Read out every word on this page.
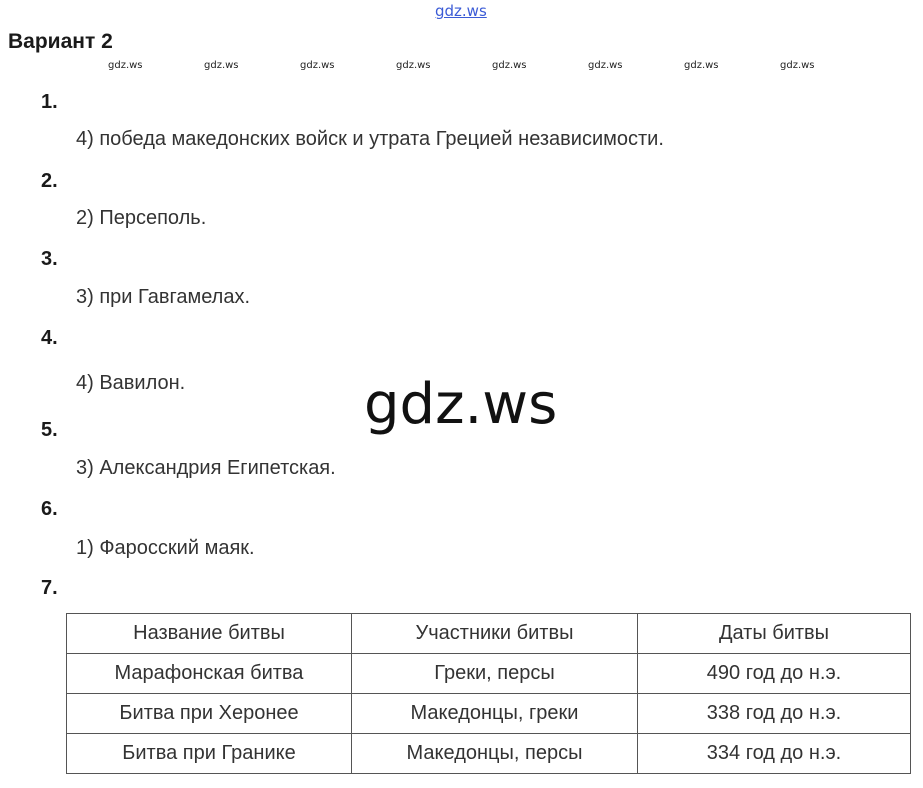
gdz.ws
Вариант 2
gdz.ws	gdz.ws	gdz.ws	gdz.ws	gdz.ws	gdz.ws	gdz.ws	gdz.ws
1.
4) победа македонских войск и утрата Грецией независимости.
2.
2) Персеполь.
3.
3) при Гавгамелах.
4.
4) Вавилон.	gdz.ws
5.
3) Александрия Египетская.
6.
1) Фаросский маяк.
7.
Название битвы	Участники битвы	Даты битвы
Марафонская битва	Греки, персы	490 год до н.э.
Битва при Херонее	Македонцы, греки	338 год до н.э.
Битва при Гранике	Македонцы, персы	334 год до н.э.
